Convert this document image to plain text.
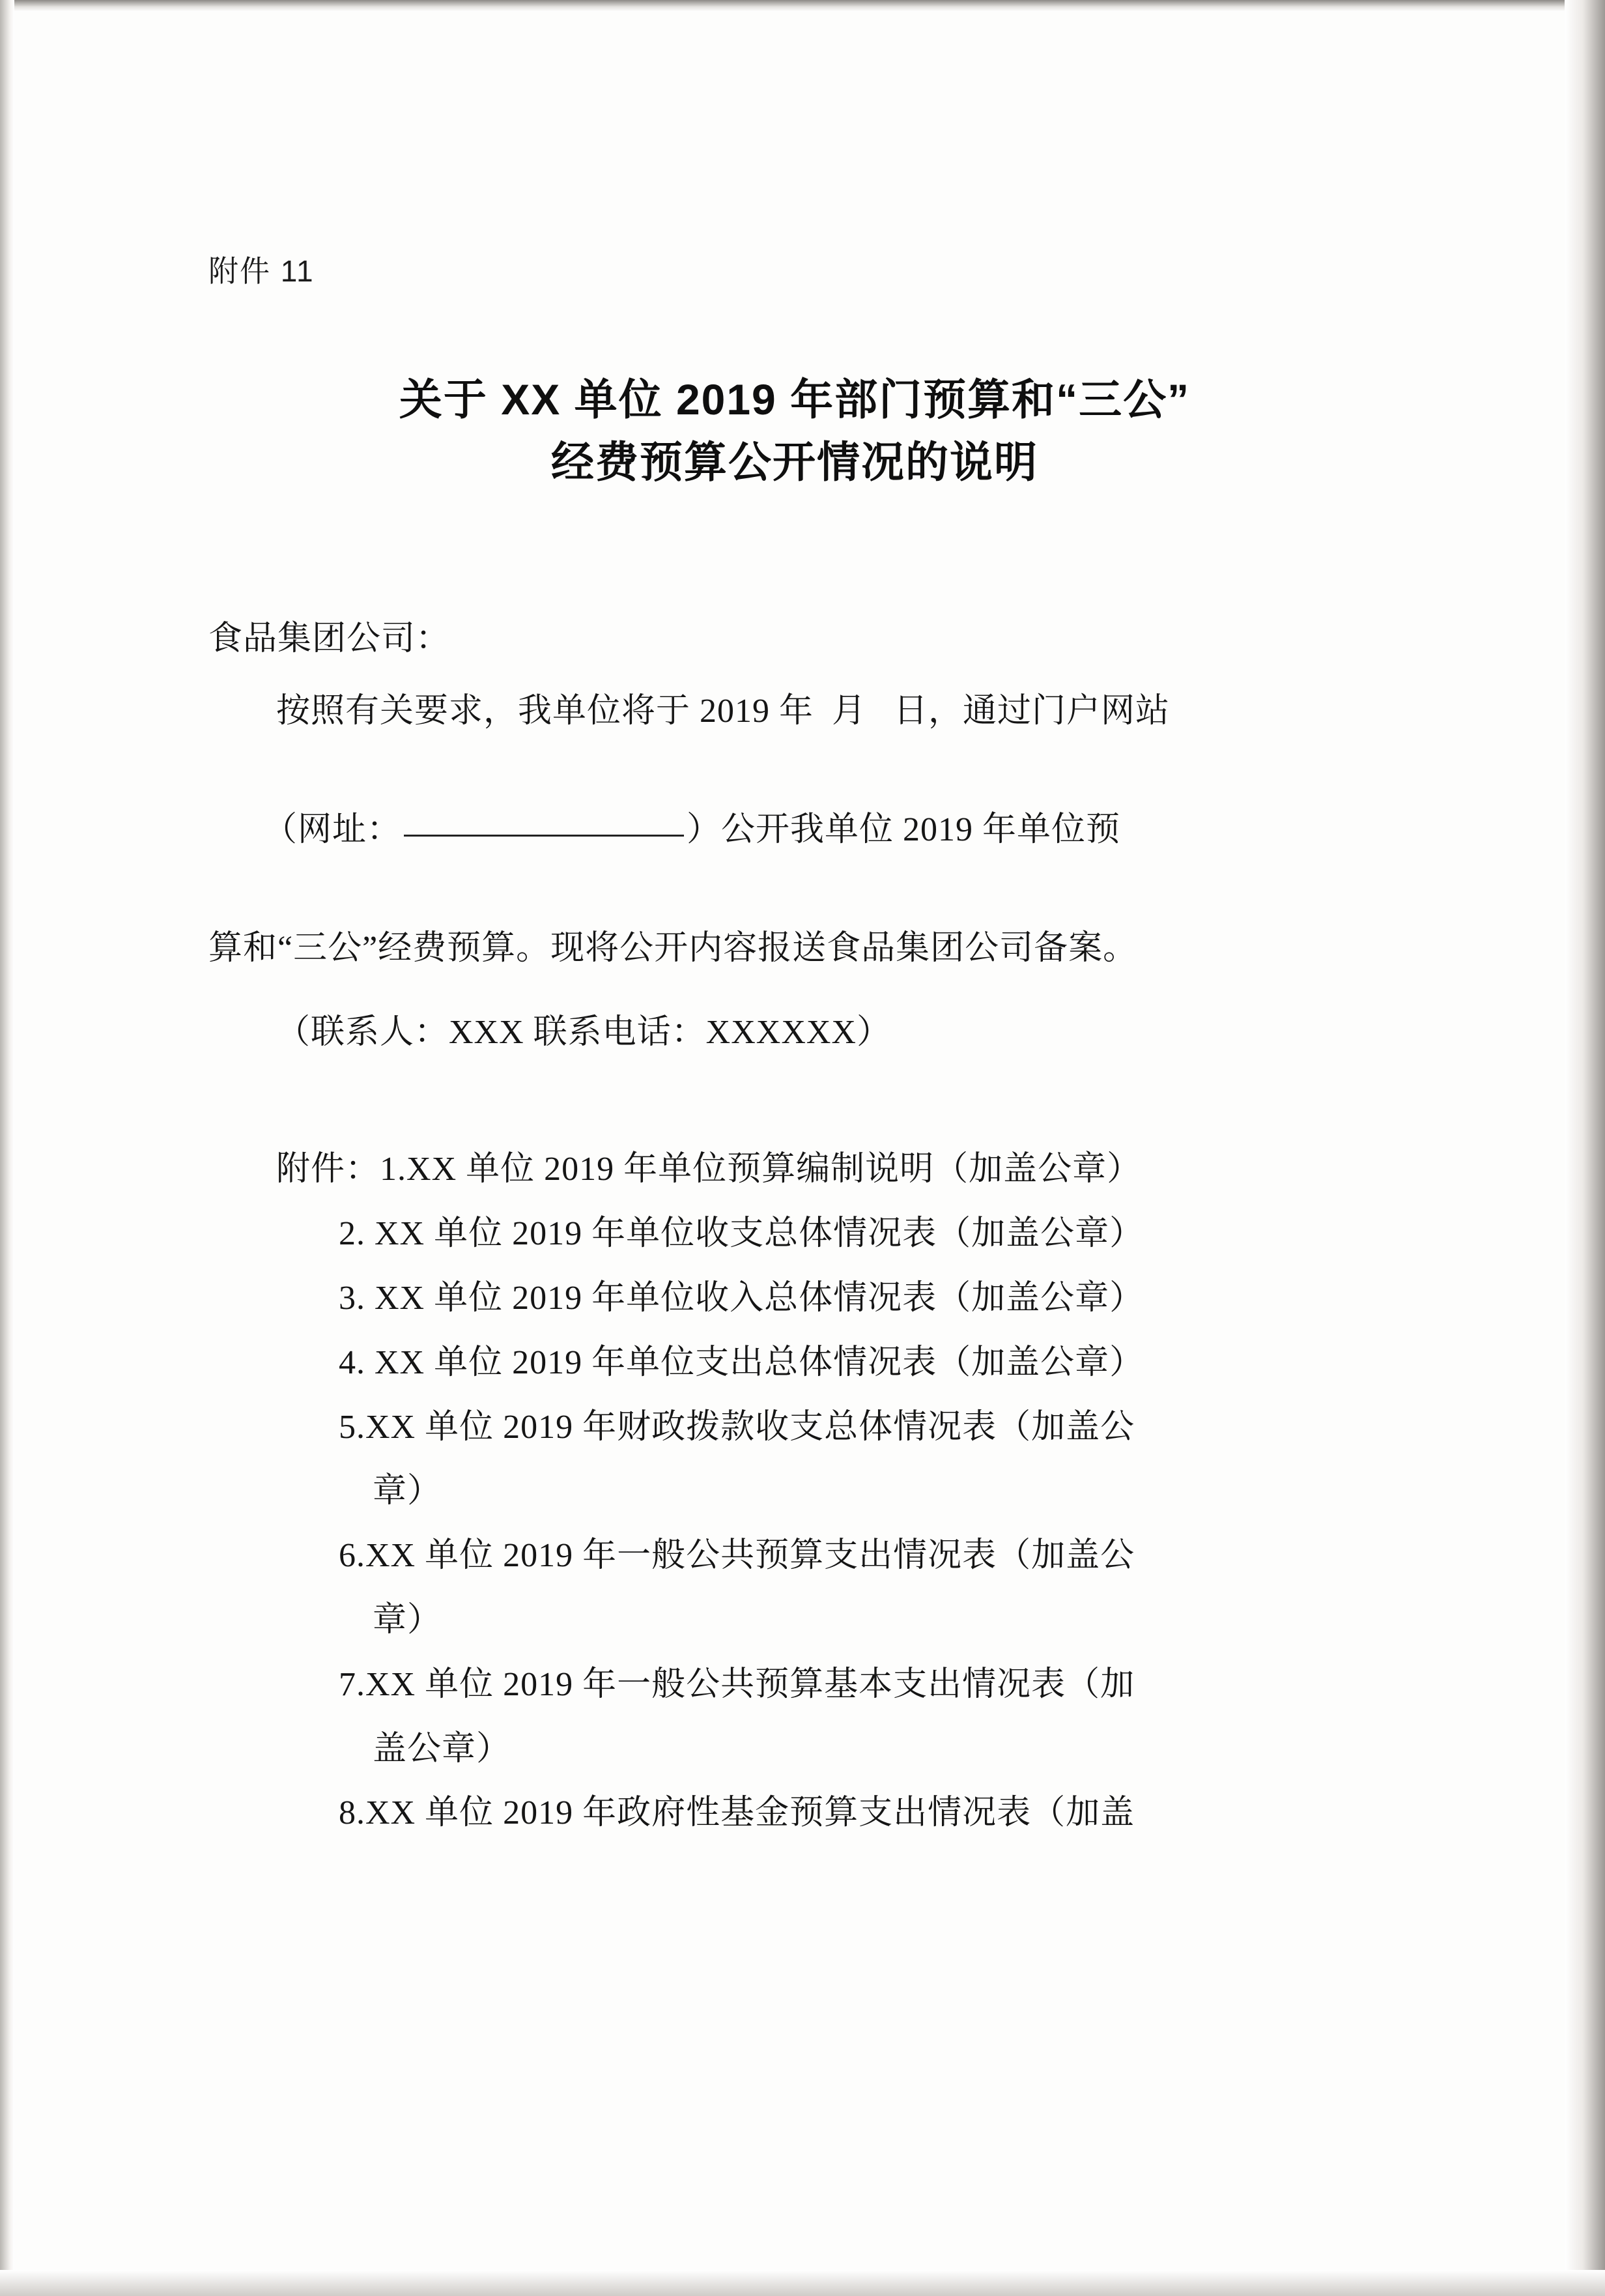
附件 11
关于 XX 单位 2019 年部门预算和“三公”
经费预算公开情况的说明
食品集团公司：

按照有关要求，我单位将于 2019 年  月   日，通过门户网站

（网址：	）公开我单位 2019 年单位预

算和“三公”经费预算。现将公开内容报送食品集团公司备案。

（联系人：XXX 联系电话：XXXXXX）

附件：1.XX 单位 2019 年单位预算编制说明（加盖公章）

2. XX 单位 2019 年单位收支总体情况表（加盖公章）

3. XX 单位 2019 年单位收入总体情况表（加盖公章）

4. XX 单位 2019 年单位支出总体情况表（加盖公章）

5.XX 单位 2019 年财政拨款收支总体情况表（加盖公
章）

6.XX 单位 2019 年一般公共预算支出情况表（加盖公
章）

7.XX 单位 2019 年一般公共预算基本支出情况表（加
盖公章）

8.XX 单位 2019 年政府性基金预算支出情况表（加盖
